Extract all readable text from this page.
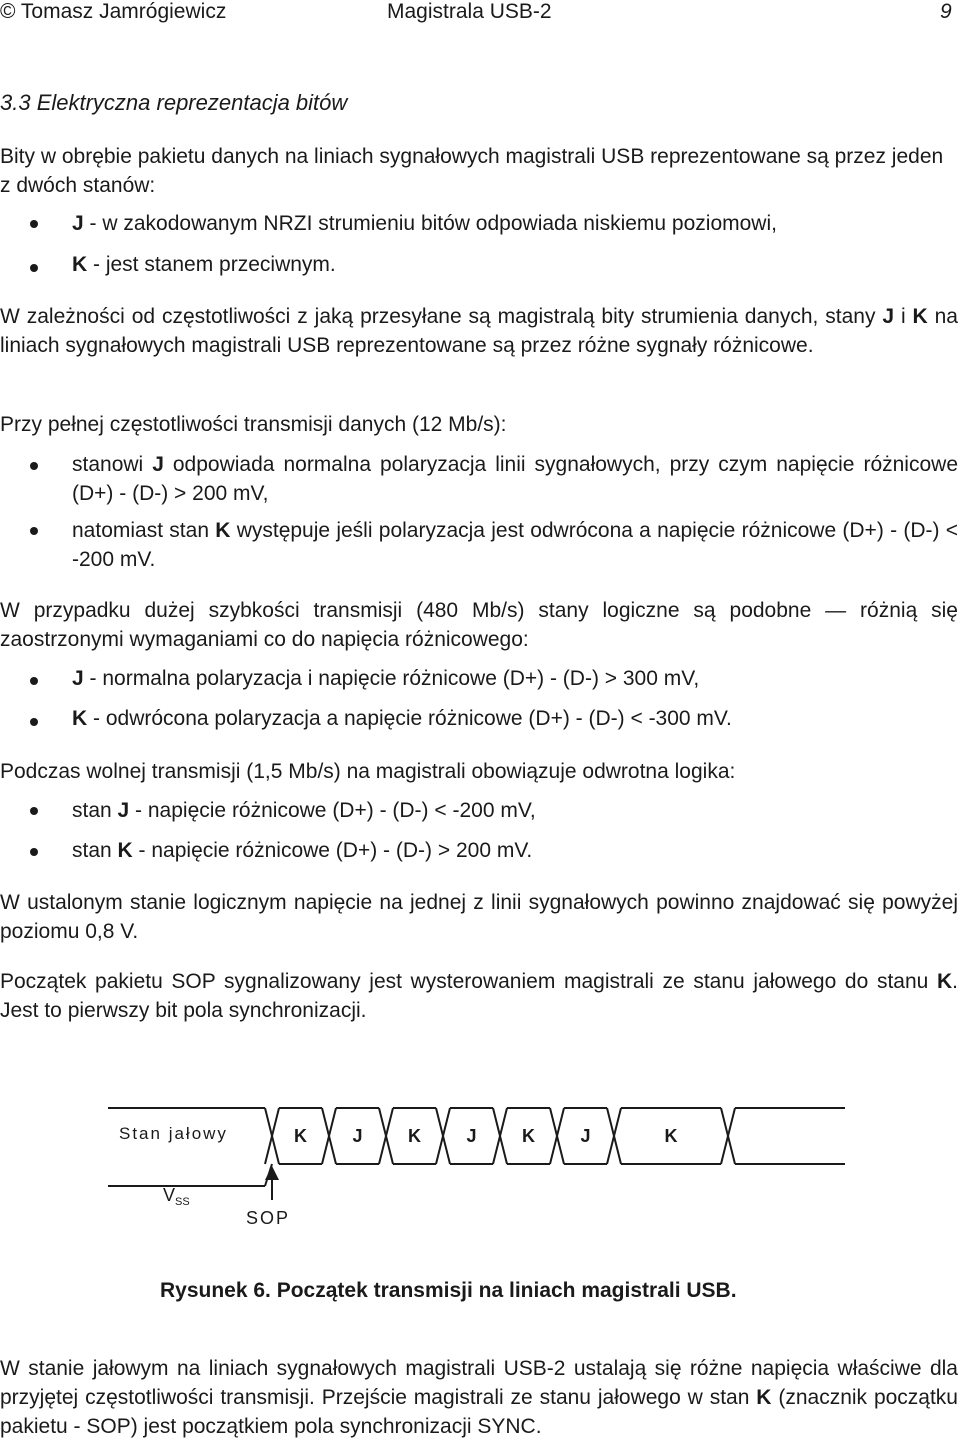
© Tomasz Jamrógiewicz	Magistrala USB-2	9
3.3 Elektryczna reprezentacja bitów
Bity w obrębie pakietu danych na liniach sygnałowych magistrali USB reprezentowane są przez jeden z dwóch stanów:
J - w zakodowanym NRZI strumieniu bitów odpowiada niskiemu poziomowi,
K - jest stanem przeciwnym.
W zależności od częstotliwości z jaką przesyłane są magistralą bity strumienia danych, stany J i K na liniach sygnałowych magistrali USB reprezentowane są przez różne sygnały różnicowe.
Przy pełnej częstotliwości transmisji danych (12 Mb/s):
stanowi J odpowiada normalna polaryzacja linii sygnałowych, przy czym napięcie różnicowe (D+) - (D-) > 200 mV,
natomiast stan K występuje jeśli polaryzacja jest odwrócona a napięcie różnicowe (D+) - (D-) < -200 mV.
W przypadku dużej szybkości transmisji (480 Mb/s) stany logiczne są podobne — różnią się zaostrzonymi wymaganiami co do napięcia różnicowego:
J - normalna polaryzacja i napięcie różnicowe (D+) - (D-) > 300 mV,
K - odwrócona polaryzacja a napięcie różnicowe (D+) - (D-) < -300 mV.
Podczas wolnej transmisji (1,5 Mb/s) na magistrali obowiązuje odwrotna logika:
stan J - napięcie różnicowe (D+) - (D-) < -200 mV,
stan K - napięcie różnicowe (D+) - (D-) > 200 mV.
W ustalonym stanie logicznym napięcie na jednej z linii sygnałowych powinno znajdować się powyżej poziomu 0,8 V.
Początek pakietu SOP sygnalizowany jest wysterowaniem magistrali ze stanu jałowego do stanu K. Jest to pierwszy bit pola synchronizacji.
Stan jałowy	K	J	K	J	K	J	K
$V_{SS}$
SOP
Rysunek 6. Początek transmisji na liniach magistrali USB.
W stanie jałowym na liniach sygnałowych magistrali USB-2 ustalają się różne napięcia właściwe dla przyjętej częstotliwości transmisji. Przejście magistrali ze stanu jałowego w stan K (znacznik początku pakietu - SOP) jest początkiem pola synchronizacji SYNC.
